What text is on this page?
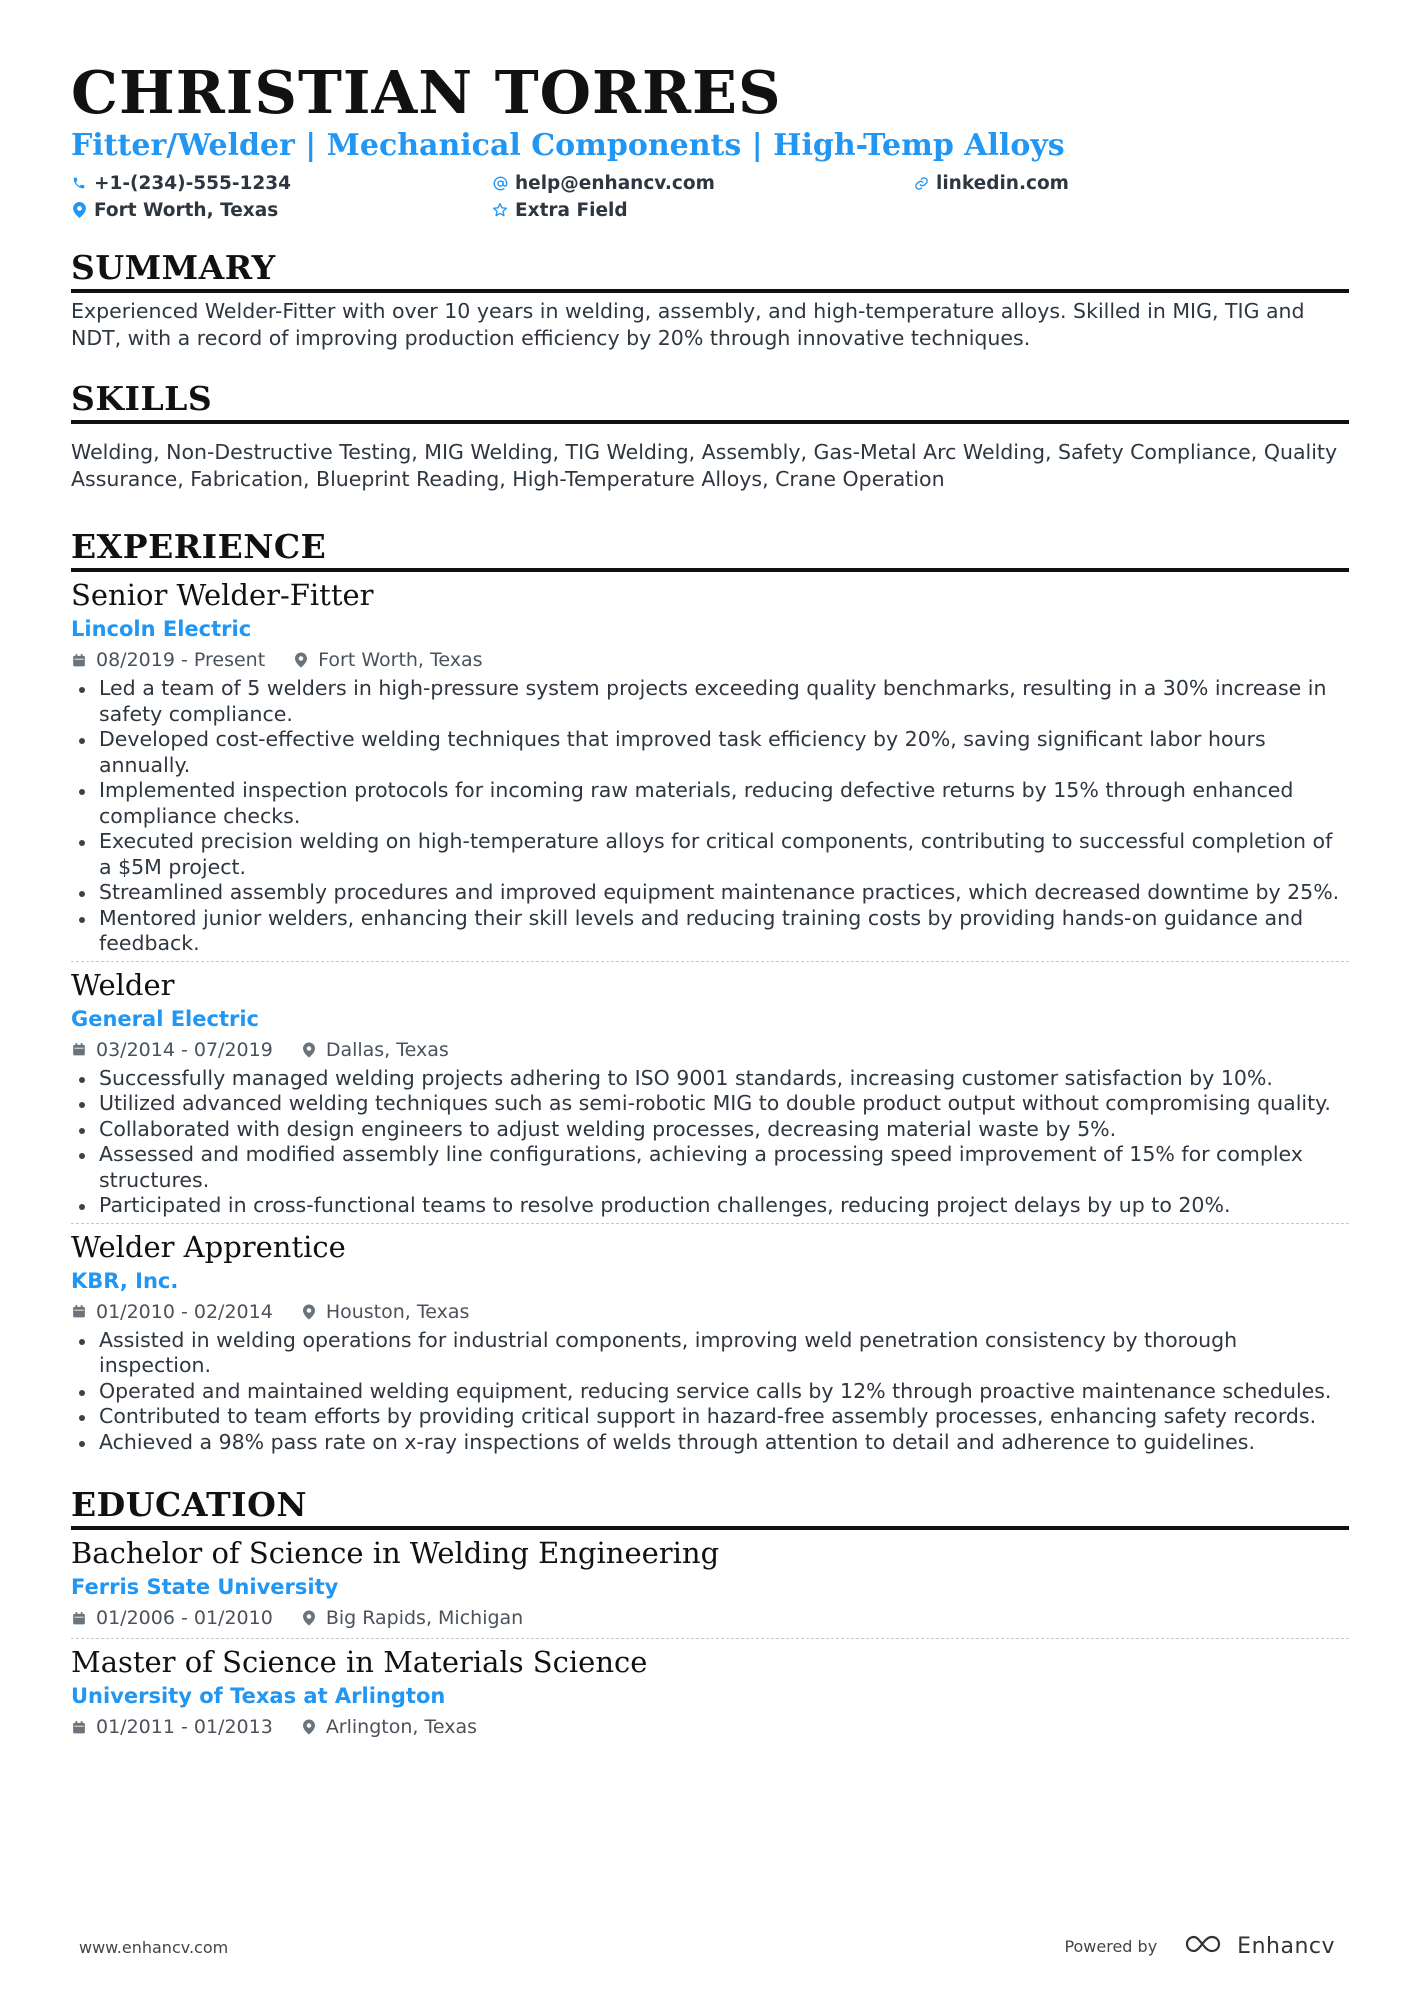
CHRISTIAN TORRES
Fitter/Welder | Mechanical Components | High-Temp Alloys
+1-(234)-555-1234	help@enhancv.com	linkedin.com
Fort Worth, Texas	Extra Field
SUMMARY
Experienced Welder-Fitter with over 10 years in welding, assembly, and high-temperature alloys. Skilled in MIG, TIG and NDT, with a record of improving production efficiency by 20% through innovative techniques.
SKILLS
Welding, Non-Destructive Testing, MIG Welding, TIG Welding, Assembly, Gas-Metal Arc Welding, Safety Compliance, Quality Assurance, Fabrication, Blueprint Reading, High-Temperature Alloys, Crane Operation
EXPERIENCE
Senior Welder-Fitter
Lincoln Electric
08/2019 - Present	Fort Worth, Texas
Led a team of 5 welders in high-pressure system projects exceeding quality benchmarks, resulting in a 30% increase in safety compliance.
Developed cost-effective welding techniques that improved task efficiency by 20%, saving significant labor hours annually.
Implemented inspection protocols for incoming raw materials, reducing defective returns by 15% through enhanced compliance checks.
Executed precision welding on high-temperature alloys for critical components, contributing to successful completion of a $5M project.
Streamlined assembly procedures and improved equipment maintenance practices, which decreased downtime by 25%.
Mentored junior welders, enhancing their skill levels and reducing training costs by providing hands-on guidance and feedback.
Welder
General Electric
03/2014 - 07/2019	Dallas, Texas
Successfully managed welding projects adhering to ISO 9001 standards, increasing customer satisfaction by 10%.
Utilized advanced welding techniques such as semi-robotic MIG to double product output without compromising quality.
Collaborated with design engineers to adjust welding processes, decreasing material waste by 5%.
Assessed and modified assembly line configurations, achieving a processing speed improvement of 15% for complex structures.
Participated in cross-functional teams to resolve production challenges, reducing project delays by up to 20%.
Welder Apprentice
KBR, Inc.
01/2010 - 02/2014	Houston, Texas
Assisted in welding operations for industrial components, improving weld penetration consistency by thorough inspection.
Operated and maintained welding equipment, reducing service calls by 12% through proactive maintenance schedules.
Contributed to team efforts by providing critical support in hazard-free assembly processes, enhancing safety records.
Achieved a 98% pass rate on x-ray inspections of welds through attention to detail and adherence to guidelines.
EDUCATION
Bachelor of Science in Welding Engineering
Ferris State University
01/2006 - 01/2010	Big Rapids, Michigan
Master of Science in Materials Science
University of Texas at Arlington
01/2011 - 01/2013	Arlington, Texas
www.enhancv.com	Powered by	Enhancv
